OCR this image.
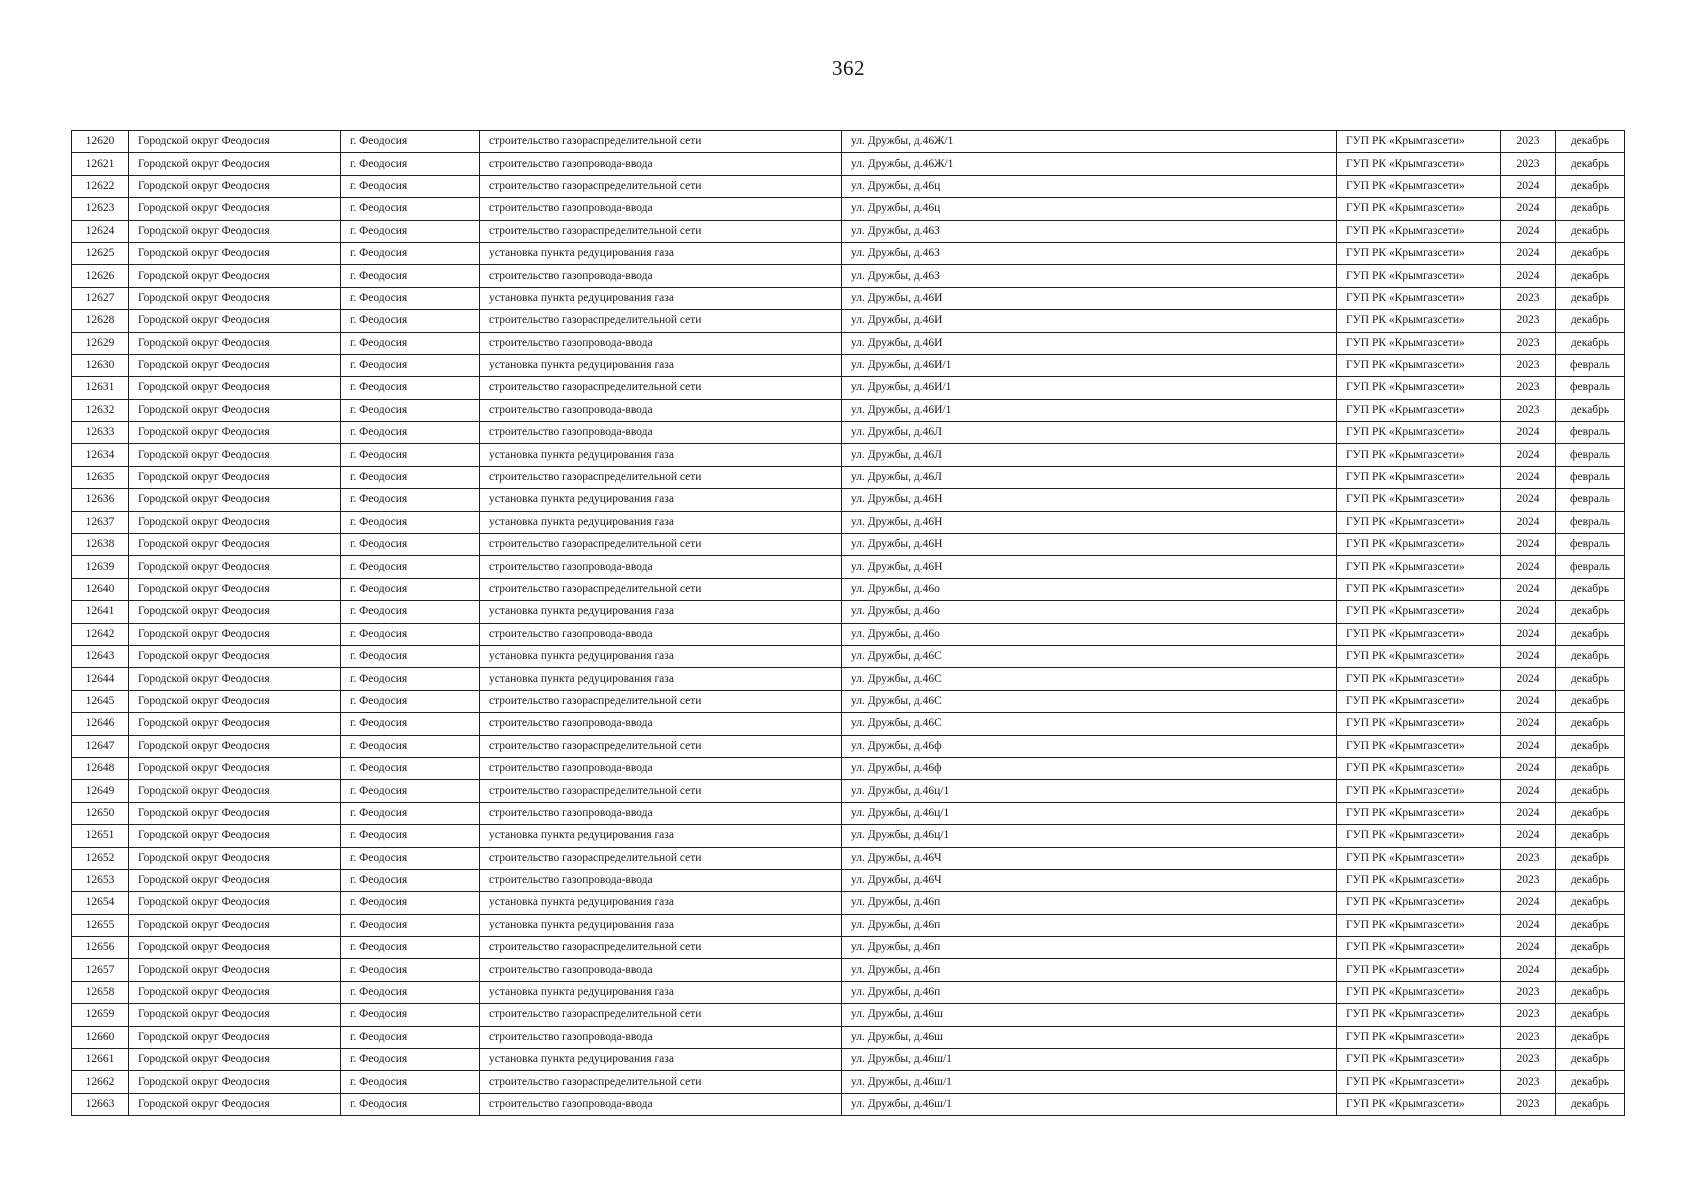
362
12620	Городской округ Феодосия	г. Феодосия	строительство газораспределительной сети	ул. Дружбы, д.46Ж/1	ГУП РК «Крымгазсети»	2023	декабрь
12621	Городской округ Феодосия	г. Феодосия	строительство газопровода-ввода	ул. Дружбы, д.46Ж/1	ГУП РК «Крымгазсети»	2023	декабрь
12622	Городской округ Феодосия	г. Феодосия	строительство газораспределительной сети	ул. Дружбы, д.46ц	ГУП РК «Крымгазсети»	2024	декабрь
12623	Городской округ Феодосия	г. Феодосия	строительство газопровода-ввода	ул. Дружбы, д.46ц	ГУП РК «Крымгазсети»	2024	декабрь
12624	Городской округ Феодосия	г. Феодосия	строительство газораспределительной сети	ул. Дружбы, д.46З	ГУП РК «Крымгазсети»	2024	декабрь
12625	Городской округ Феодосия	г. Феодосия	установка пункта редуцирования газа	ул. Дружбы, д.46З	ГУП РК «Крымгазсети»	2024	декабрь
12626	Городской округ Феодосия	г. Феодосия	строительство газопровода-ввода	ул. Дружбы, д.46З	ГУП РК «Крымгазсети»	2024	декабрь
12627	Городской округ Феодосия	г. Феодосия	установка пункта редуцирования газа	ул. Дружбы, д.46И	ГУП РК «Крымгазсети»	2023	декабрь
12628	Городской округ Феодосия	г. Феодосия	строительство газораспределительной сети	ул. Дружбы, д.46И	ГУП РК «Крымгазсети»	2023	декабрь
12629	Городской округ Феодосия	г. Феодосия	строительство газопровода-ввода	ул. Дружбы, д.46И	ГУП РК «Крымгазсети»	2023	декабрь
12630	Городской округ Феодосия	г. Феодосия	установка пункта редуцирования газа	ул. Дружбы, д.46И/1	ГУП РК «Крымгазсети»	2023	февраль
12631	Городской округ Феодосия	г. Феодосия	строительство газораспределительной сети	ул. Дружбы, д.46И/1	ГУП РК «Крымгазсети»	2023	февраль
12632	Городской округ Феодосия	г. Феодосия	строительство газопровода-ввода	ул. Дружбы, д.46И/1	ГУП РК «Крымгазсети»	2023	декабрь
12633	Городской округ Феодосия	г. Феодосия	строительство газопровода-ввода	ул. Дружбы, д.46Л	ГУП РК «Крымгазсети»	2024	февраль
12634	Городской округ Феодосия	г. Феодосия	установка пункта редуцирования газа	ул. Дружбы, д.46Л	ГУП РК «Крымгазсети»	2024	февраль
12635	Городской округ Феодосия	г. Феодосия	строительство газораспределительной сети	ул. Дружбы, д.46Л	ГУП РК «Крымгазсети»	2024	февраль
12636	Городской округ Феодосия	г. Феодосия	установка пункта редуцирования газа	ул. Дружбы, д.46Н	ГУП РК «Крымгазсети»	2024	февраль
12637	Городской округ Феодосия	г. Феодосия	установка пункта редуцирования газа	ул. Дружбы, д.46Н	ГУП РК «Крымгазсети»	2024	февраль
12638	Городской округ Феодосия	г. Феодосия	строительство газораспределительной сети	ул. Дружбы, д.46Н	ГУП РК «Крымгазсети»	2024	февраль
12639	Городской округ Феодосия	г. Феодосия	строительство газопровода-ввода	ул. Дружбы, д.46Н	ГУП РК «Крымгазсети»	2024	февраль
12640	Городской округ Феодосия	г. Феодосия	строительство газораспределительной сети	ул. Дружбы, д.46о	ГУП РК «Крымгазсети»	2024	декабрь
12641	Городской округ Феодосия	г. Феодосия	установка пункта редуцирования газа	ул. Дружбы, д.46о	ГУП РК «Крымгазсети»	2024	декабрь
12642	Городской округ Феодосия	г. Феодосия	строительство газопровода-ввода	ул. Дружбы, д.46о	ГУП РК «Крымгазсети»	2024	декабрь
12643	Городской округ Феодосия	г. Феодосия	установка пункта редуцирования газа	ул. Дружбы, д.46С	ГУП РК «Крымгазсети»	2024	декабрь
12644	Городской округ Феодосия	г. Феодосия	установка пункта редуцирования газа	ул. Дружбы, д.46С	ГУП РК «Крымгазсети»	2024	декабрь
12645	Городской округ Феодосия	г. Феодосия	строительство газораспределительной сети	ул. Дружбы, д.46С	ГУП РК «Крымгазсети»	2024	декабрь
12646	Городской округ Феодосия	г. Феодосия	строительство газопровода-ввода	ул. Дружбы, д.46С	ГУП РК «Крымгазсети»	2024	декабрь
12647	Городской округ Феодосия	г. Феодосия	строительство газораспределительной сети	ул. Дружбы, д.46ф	ГУП РК «Крымгазсети»	2024	декабрь
12648	Городской округ Феодосия	г. Феодосия	строительство газопровода-ввода	ул. Дружбы, д.46ф	ГУП РК «Крымгазсети»	2024	декабрь
12649	Городской округ Феодосия	г. Феодосия	строительство газораспределительной сети	ул. Дружбы, д.46ц/1	ГУП РК «Крымгазсети»	2024	декабрь
12650	Городской округ Феодосия	г. Феодосия	строительство газопровода-ввода	ул. Дружбы, д.46ц/1	ГУП РК «Крымгазсети»	2024	декабрь
12651	Городской округ Феодосия	г. Феодосия	установка пункта редуцирования газа	ул. Дружбы, д.46ц/1	ГУП РК «Крымгазсети»	2024	декабрь
12652	Городской округ Феодосия	г. Феодосия	строительство газораспределительной сети	ул. Дружбы, д.46Ч	ГУП РК «Крымгазсети»	2023	декабрь
12653	Городской округ Феодосия	г. Феодосия	строительство газопровода-ввода	ул. Дружбы, д.46Ч	ГУП РК «Крымгазсети»	2023	декабрь
12654	Городской округ Феодосия	г. Феодосия	установка пункта редуцирования газа	ул. Дружбы, д.46п	ГУП РК «Крымгазсети»	2024	декабрь
12655	Городской округ Феодосия	г. Феодосия	установка пункта редуцирования газа	ул. Дружбы, д.46п	ГУП РК «Крымгазсети»	2024	декабрь
12656	Городской округ Феодосия	г. Феодосия	строительство газораспределительной сети	ул. Дружбы, д.46п	ГУП РК «Крымгазсети»	2024	декабрь
12657	Городской округ Феодосия	г. Феодосия	строительство газопровода-ввода	ул. Дружбы, д.46п	ГУП РК «Крымгазсети»	2024	декабрь
12658	Городской округ Феодосия	г. Феодосия	установка пункта редуцирования газа	ул. Дружбы, д.46п	ГУП РК «Крымгазсети»	2023	декабрь
12659	Городской округ Феодосия	г. Феодосия	строительство газораспределительной сети	ул. Дружбы, д.46ш	ГУП РК «Крымгазсети»	2023	декабрь
12660	Городской округ Феодосия	г. Феодосия	строительство газопровода-ввода	ул. Дружбы, д.46ш	ГУП РК «Крымгазсети»	2023	декабрь
12661	Городской округ Феодосия	г. Феодосия	установка пункта редуцирования газа	ул. Дружбы, д.46ш/1	ГУП РК «Крымгазсети»	2023	декабрь
12662	Городской округ Феодосия	г. Феодосия	строительство газораспределительной сети	ул. Дружбы, д.46ш/1	ГУП РК «Крымгазсети»	2023	декабрь
12663	Городской округ Феодосия	г. Феодосия	строительство газопровода-ввода	ул. Дружбы, д.46ш/1	ГУП РК «Крымгазсети»	2023	декабрь
